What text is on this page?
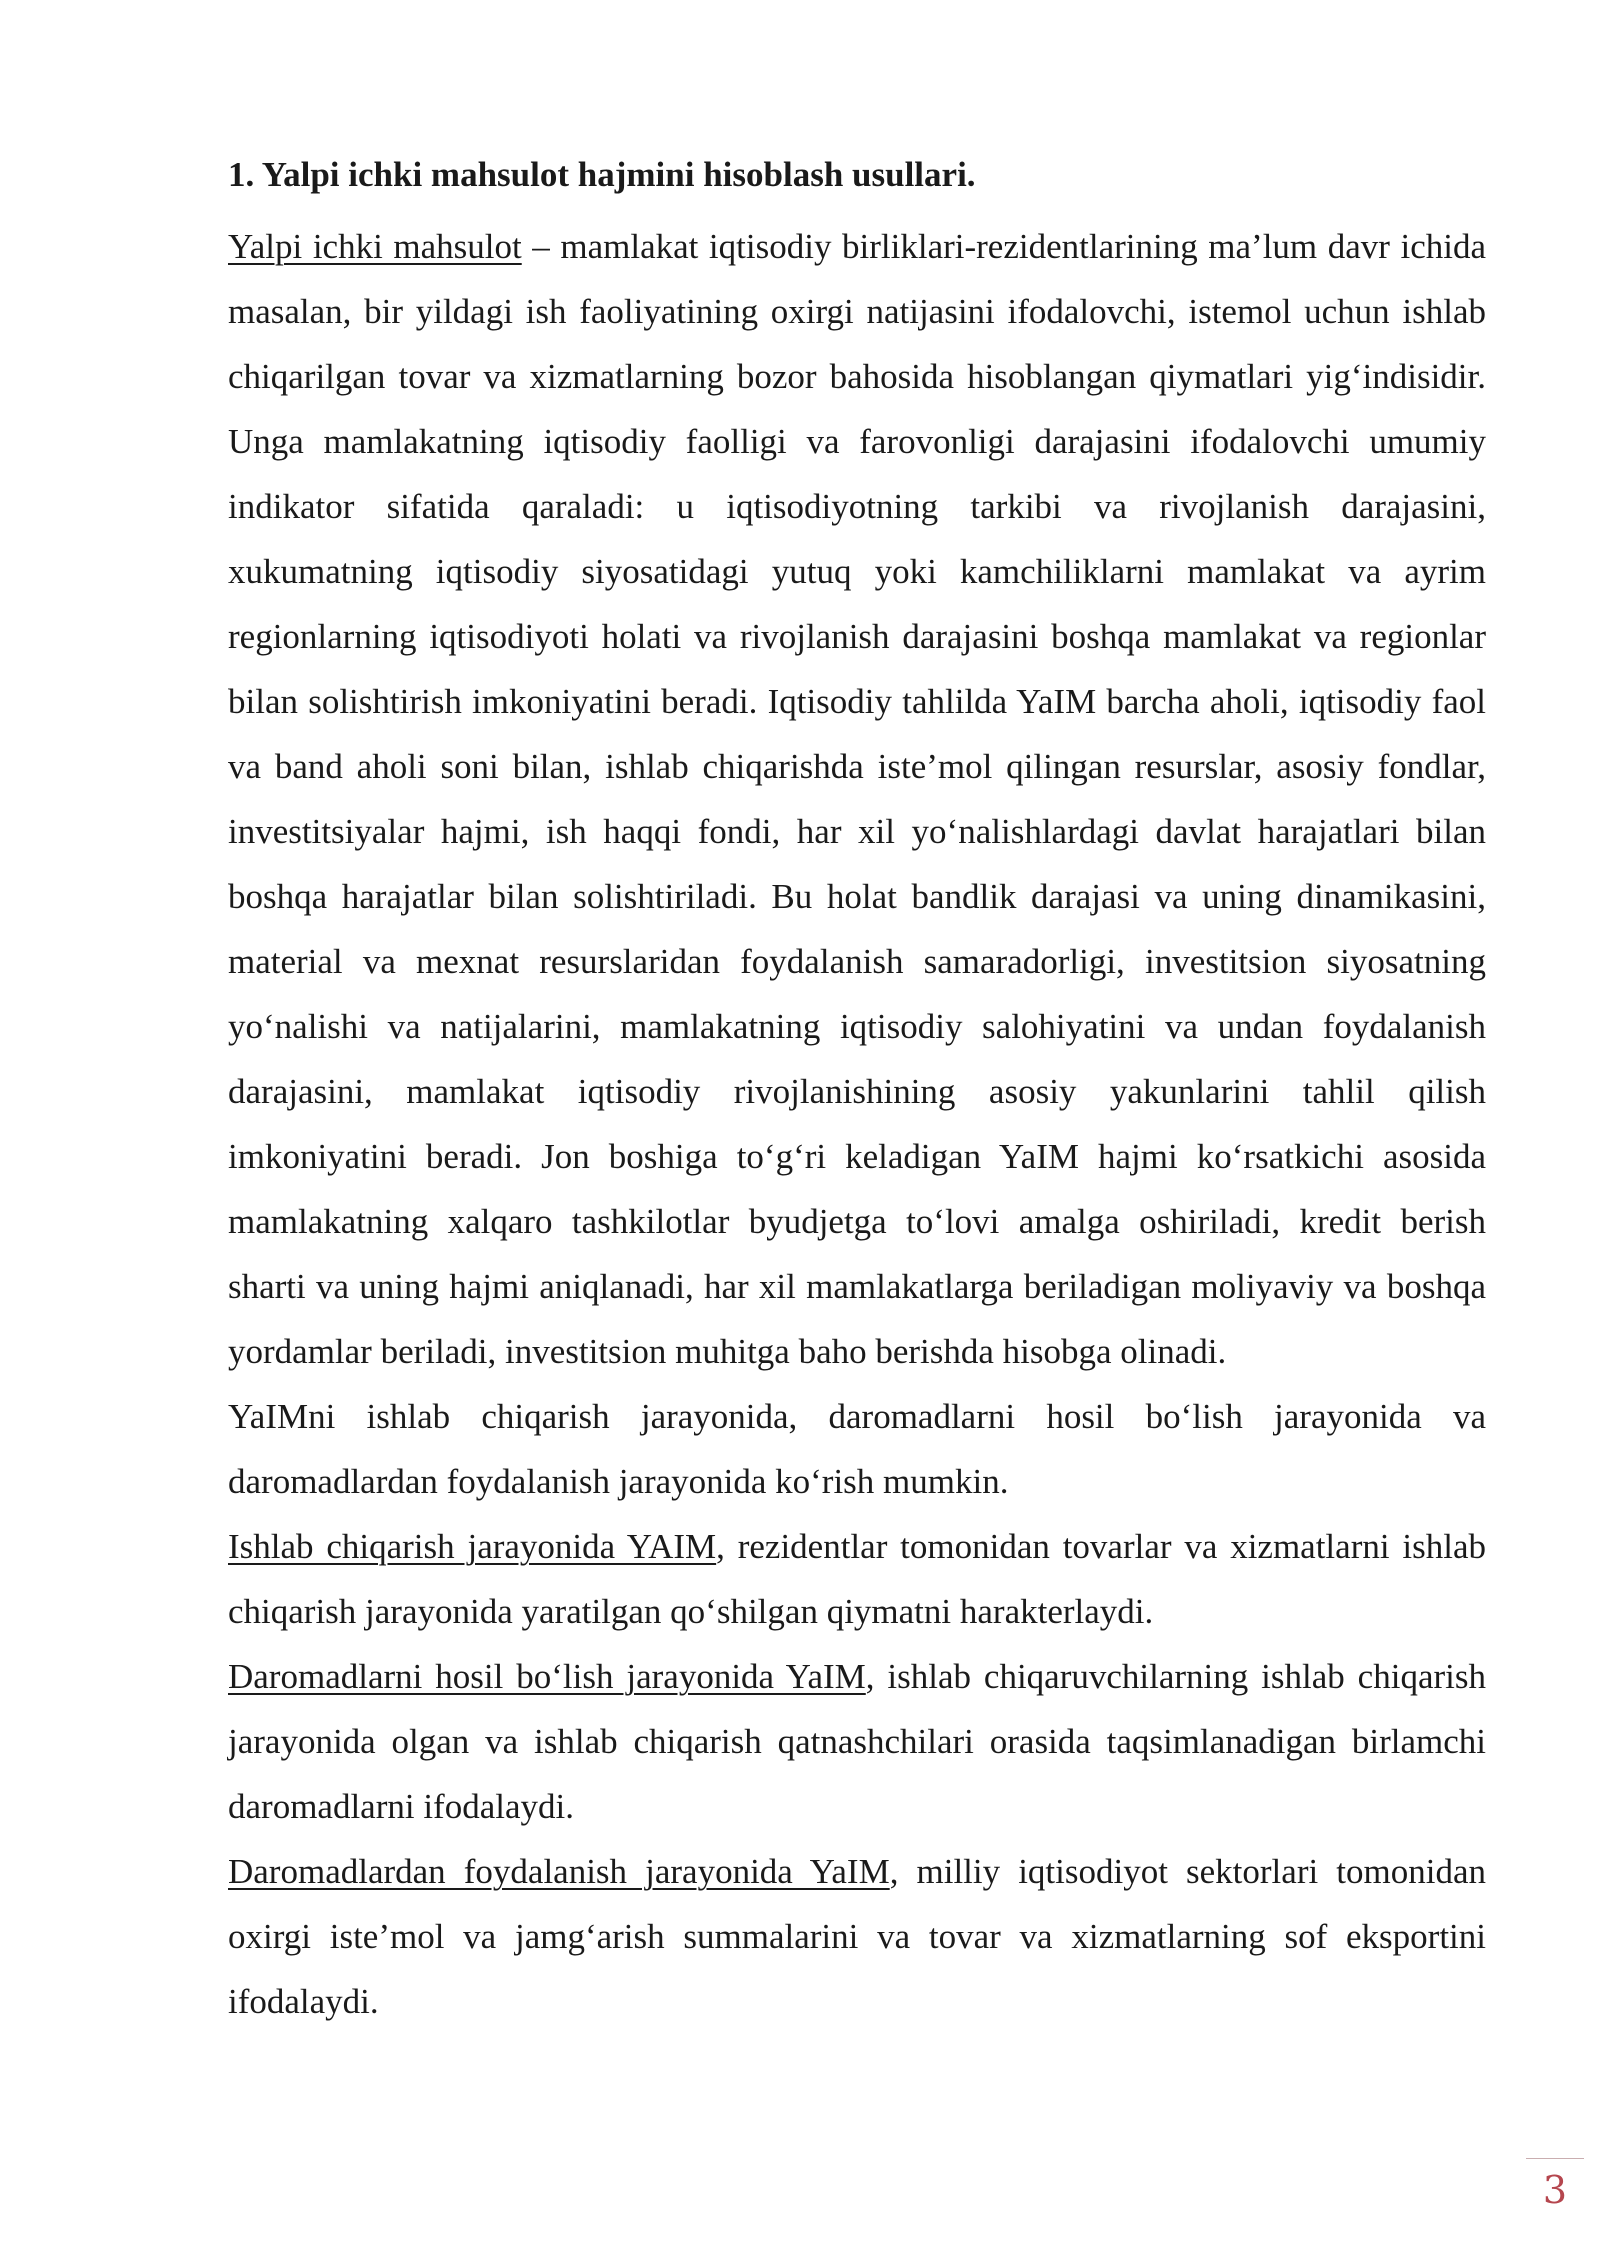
1. Yalpi ichki mahsulot hajmini hisoblash usullari.

Yalpi ichki mahsulot – mamlakat iqtisodiy birliklari-rezidentlarining ma’lum davr ichida masalan, bir yildagi ish faoliyatining oxirgi natijasini ifodalovchi, istemol uchun ishlab chiqarilgan tovar va xizmatlarning bozor bahosida hisoblangan qiymatlari yig‘indisidir. Unga mamlakatning iqtisodiy faolligi va farovonligi darajasini ifodalovchi umumiy indikator sifatida qaraladi: u iqtisodiyotning tarkibi va rivojlanish darajasini, xukumatning iqtisodiy siyosatidagi yutuq yoki kamchiliklarni mamlakat va ayrim regionlarning iqtisodiyoti holati va rivojlanish darajasini boshqa mamlakat va regionlar bilan solishtirish imkoniyatini beradi. Iqtisodiy tahlilda YaIM barcha aholi, iqtisodiy faol va band aholi soni bilan, ishlab chiqarishda iste’mol qilingan resurslar, asosiy fondlar, investitsiyalar hajmi, ish haqqi fondi, har xil yo‘nalishlardagi davlat harajatlari bilan boshqa harajatlar bilan solishtiriladi. Bu holat bandlik darajasi va uning dinamikasini, material va mexnat resurslaridan foydalanish samaradorligi, investitsion siyosatning yo‘nalishi va natijalarini, mamlakatning iqtisodiy salohiyatini va undan foydalanish darajasini, mamlakat iqtisodiy rivojlanishining asosiy yakunlarini tahlil qilish imkoniyatini beradi. Jon boshiga to‘g‘ri keladigan YaIM hajmi ko‘rsatkichi asosida mamlakatning xalqaro tashkilotlar byudjetga to‘lovi amalga oshiriladi, kredit berish sharti va uning hajmi aniqlanadi, har xil mamlakatlarga beriladigan moliyaviy va boshqa yordamlar beriladi, investitsion muhitga baho berishda hisobga olinadi.

YaIMni ishlab chiqarish jarayonida, daromadlarni hosil bo‘lish jarayonida va daromadlardan foydalanish jarayonida ko‘rish mumkin.

Ishlab chiqarish jarayonida YAIM, rezidentlar tomonidan tovarlar va xizmatlarni ishlab chiqarish jarayonida yaratilgan qo‘shilgan qiymatni harakterlaydi.

Daromadlarni hosil bo‘lish jarayonida YaIM, ishlab chiqaruvchilarning ishlab chiqarish jarayonida olgan va ishlab chiqarish qatnashchilari orasida taqsimlanadigan birlamchi daromadlarni ifodalaydi.

Daromadlardan foydalanish jarayonida YaIM, milliy iqtisodiyot sektorlari tomonidan oxirgi iste’mol va jamg‘arish summalarini va tovar va xizmatlarning sof eksportini ifodalaydi.

3
